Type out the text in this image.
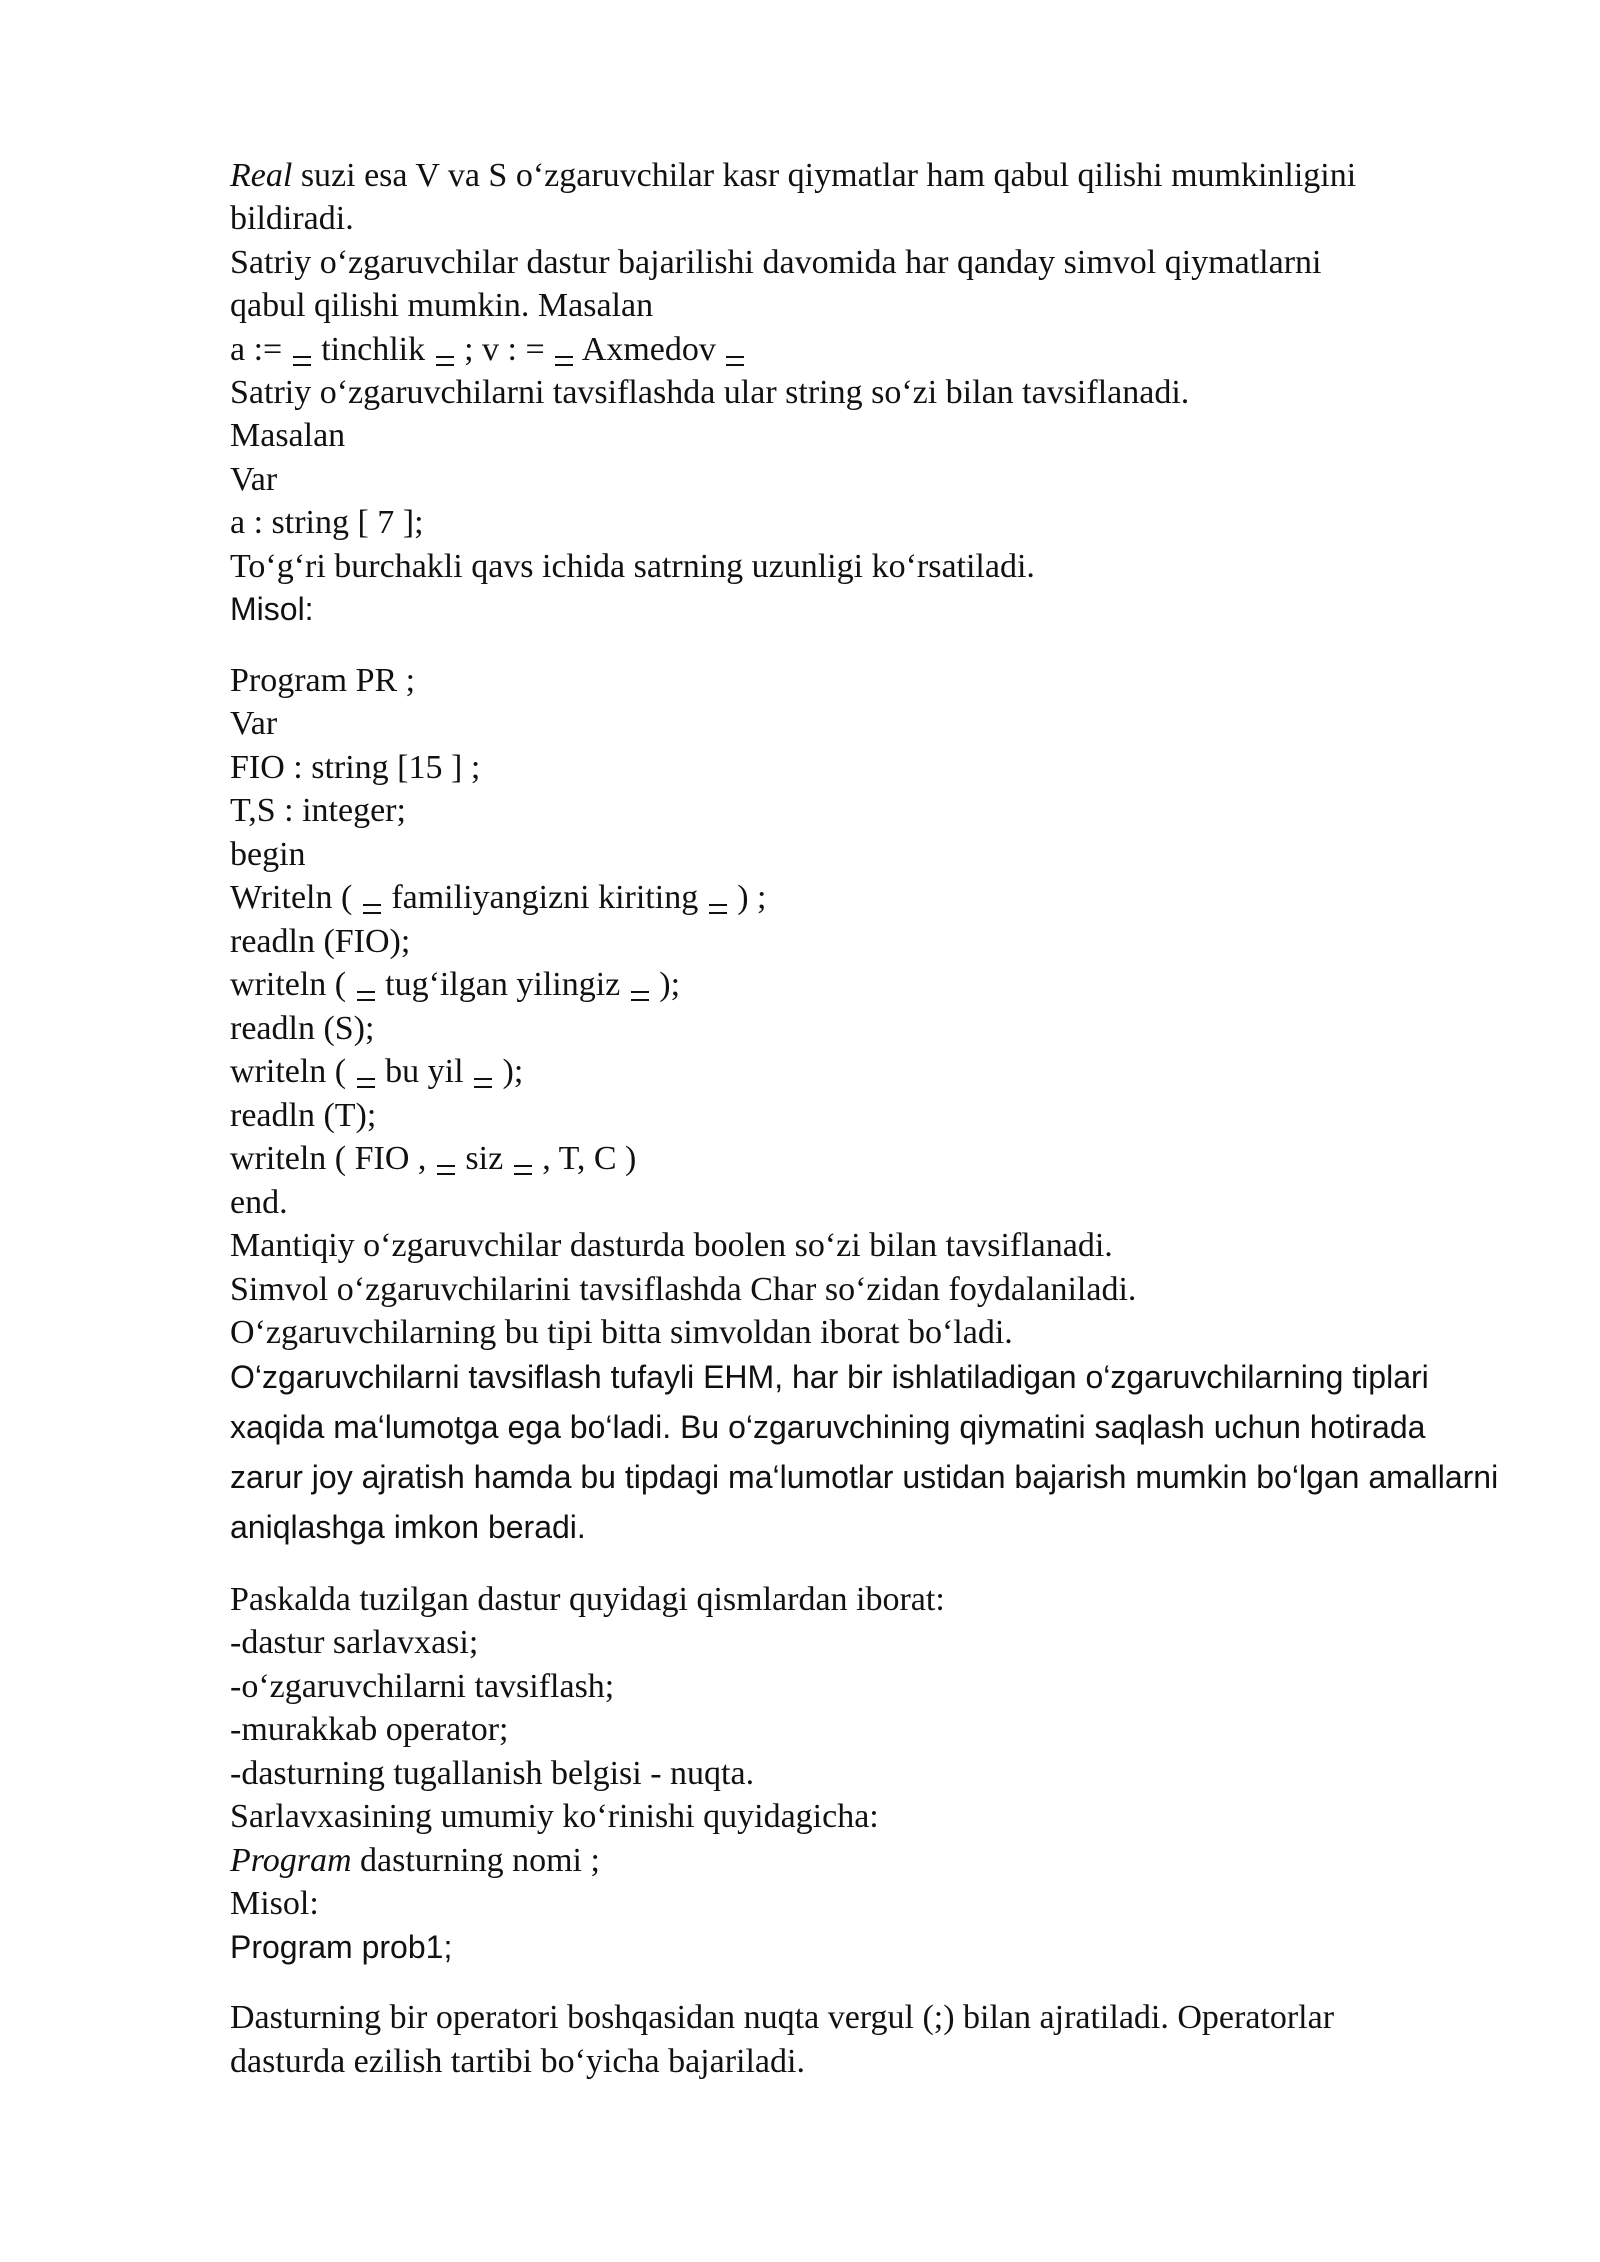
Real suzi esa V va S o‘zgaruvchilar kasr qiymatlar ham qabul qilishi mumkinligini

bildiradi.

Satriy o‘zgaruvchilar dastur bajarilishi davomida har qanday simvol qiymatlarni

qabul qilishi mumkin. Masalan

a :=  tinchlik  ; v : =  Axmedov

Satriy o‘zgaruvchilarni tavsiflashda ular string so‘zi bilan tavsiflanadi.

Masalan

Var

a : string [ 7 ];

To‘g‘ri burchakli qavs ichida satrning uzunligi ko‘rsatiladi.

Misol:

Program PR ;

Var

FIO : string [15 ] ;

T,S : integer;

begin

Writeln (  familiyangizni kiriting  ) ;

readln (FIO);

writeln (  tug‘ilgan yilingiz  );

readln (S);

writeln (  bu yil  );

readln (T);

writeln ( FIO ,  siz  , T, C )

end.

Mantiqiy o‘zgaruvchilar dasturda boolen so‘zi bilan tavsiflanadi.

Simvol o‘zgaruvchilarini tavsiflashda Char so‘zidan foydalaniladi.

O‘zgaruvchilarning bu tipi bitta simvoldan iborat bo‘ladi.

O‘zgaruvchilarni tavsiflash tufayli EHM, har bir ishlatiladigan o‘zgaruvchilarning tiplari xaqida ma‘lumotga ega bo‘ladi. Bu o‘zgaruvchining qiymatini saqlash uchun hotirada zarur joy ajratish hamda bu tipdagi ma‘lumotlar ustidan bajarish mumkin bo‘lgan amallarni aniqlashga imkon beradi.

Paskalda tuzilgan dastur quyidagi qismlardan iborat:

-dastur sarlavxasi;

-o‘zgaruvchilarni tavsiflash;

-murakkab operator;

-dasturning tugallanish belgisi - nuqta.

Sarlavxasining umumiy ko‘rinishi quyidagicha:

Program dasturning nomi ;

Misol:

Program prob1;

Dasturning bir operatori boshqasidan nuqta vergul (;) bilan ajratiladi. Operatorlar

dasturda ezilish tartibi bo‘yicha bajariladi.
